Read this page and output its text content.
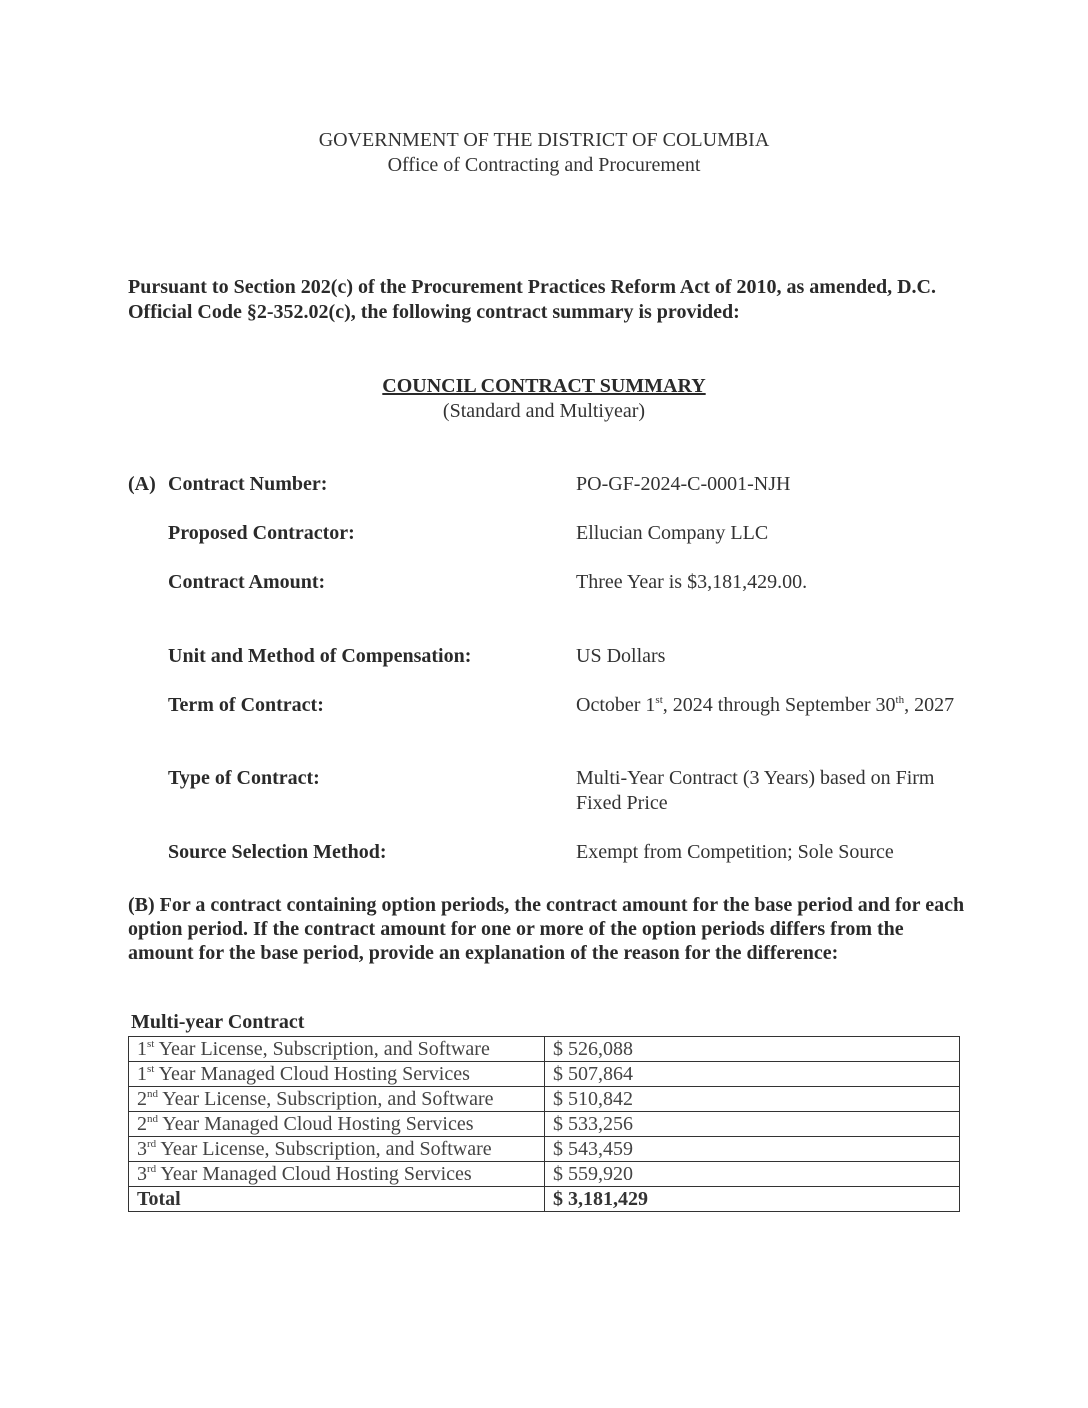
GOVERNMENT OF THE DISTRICT OF COLUMBIA
Office of Contracting and Procurement
Pursuant to Section 202(c) of the Procurement Practices Reform Act of 2010, as amended, D.C. Official Code §2-352.02(c), the following contract summary is provided:
COUNCIL CONTRACT SUMMARY
(Standard and Multiyear)
(A) Contract Number:	PO-GF-2024-C-0001-NJH
Proposed Contractor:	Ellucian Company LLC
Contract Amount:	Three Year is $3,181,429.00.
Unit and Method of Compensation:	US Dollars
Term of Contract:	October 1st, 2024 through September 30th, 2027
Type of Contract:	Multi-Year Contract (3 Years) based on Firm Fixed Price
Source Selection Method:	Exempt from Competition; Sole Source
(B) For a contract containing option periods, the contract amount for the base period and for each option period. If the contract amount for one or more of the option periods differs from the amount for the base period, provide an explanation of the reason for the difference:
Multi-year Contract
1st Year License, Subscription, and Software	$ 526,088
1st Year Managed Cloud Hosting Services	$ 507,864
2nd Year License, Subscription, and Software	$ 510,842
2nd Year Managed Cloud Hosting Services	$ 533,256
3rd Year License, Subscription, and Software	$ 543,459
3rd Year Managed Cloud Hosting Services	$ 559,920
Total	$ 3,181,429
